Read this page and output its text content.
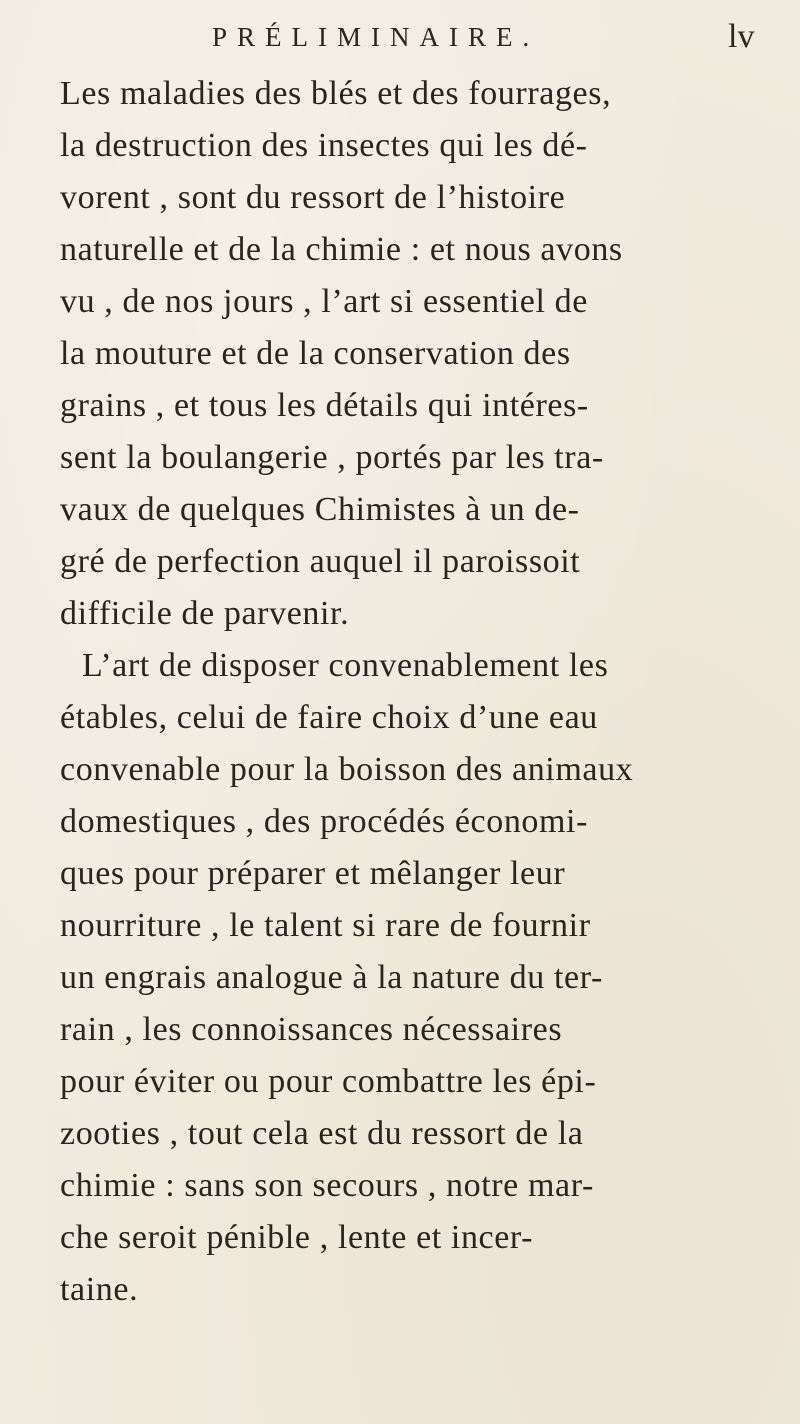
PRÉLIMINAIRE.	lv
Les maladies des blés et des fourrages,
la destruction des insectes qui les dé-
vorent , sont du ressort de l’histoire
naturelle et de la chimie : et nous avons
vu , de nos jours , l’art si essentiel de
la mouture et de la conservation des
grains , et tous les détails qui intéres-
sent la boulangerie , portés par les tra-
vaux de quelques Chimistes à un de-
gré de perfection auquel il paroissoit
difficile de parvenir.
L’art de disposer convenablement les
étables, celui de faire choix d’une eau
convenable pour la boisson des animaux
domestiques , des procédés économi-
ques pour préparer et mêlanger leur
nourriture , le talent si rare de fournir
un engrais analogue à la nature du ter-
rain , les connoissances nécessaires
pour éviter ou pour combattre les épi-
zooties , tout cela est du ressort de la
chimie : sans son secours , notre mar-
che seroit pénible , lente et incer-
taine.
